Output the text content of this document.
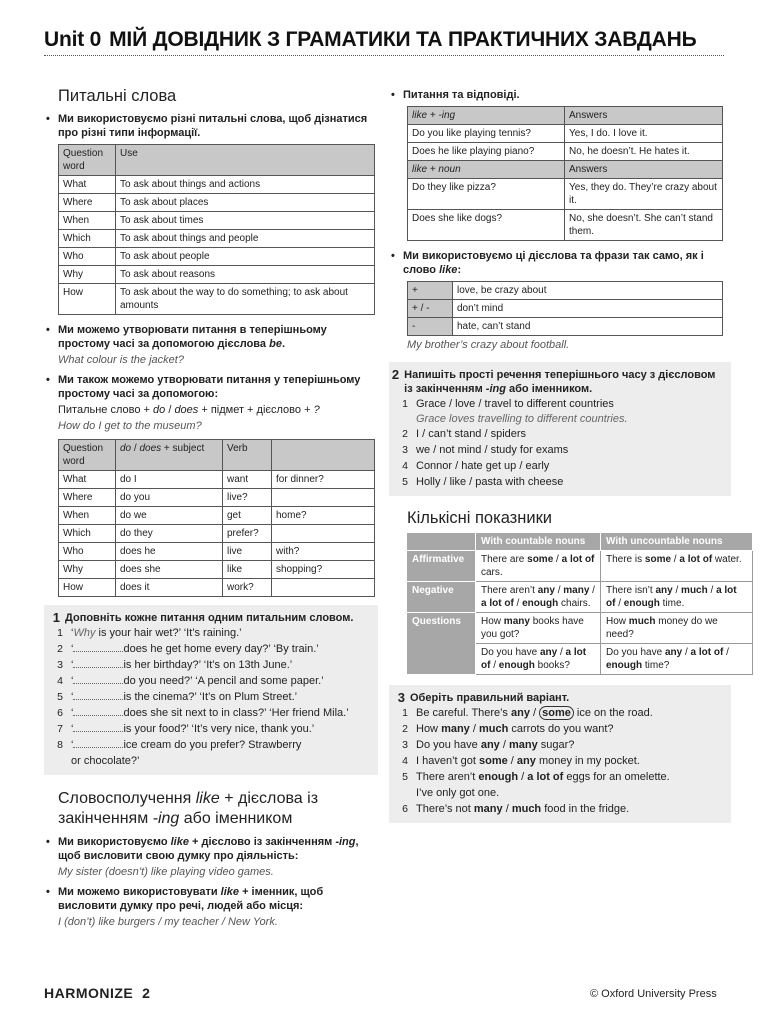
Unit 0 МІЙ ДОВІДНИК З ГРАМАТИКИ ТА ПРАКТИЧНИХ ЗАВДАНЬ
Питальні слова

• Ми використовуємо різні питальні слова, щоб дізнатися про різні типи інформації.

Question word	Use
What	To ask about things and actions
Where	To ask about places
When	To ask about times
Which	To ask about things and people
Who	To ask about people
Why	To ask about reasons
How	To ask about the way to do something; to ask about amounts

• Ми можемо утворювати питання в теперішньому простому часі за допомогою дієслова be.

What colour is the jacket?

• Ми також можемо утворювати питання у теперішньому простому часі за допомогою:

Питальне слово + do / does + підмет + дієслово + ?

How do I get to the museum?

Question word	do / does + subject	Verb	
What	do I	want	for dinner?
Where	do you	live?	
When	do we	get	home?
Which	do they	prefer?	
Who	does he	live	with?
Why	does she	like	shopping?
How	does it	work?	
1 Доповніть кожне питання одним питальним словом.
1 ‘Why is your hair wet?’ ‘It’s raining.’
2 ‘	does he get home every day?’ ‘By train.’
3 ‘	is her birthday?’ ‘It’s on 13th June.’
4 ‘	do you need?’ ‘A pencil and some paper.’
5 ‘	is the cinema?’ ‘It’s on Plum Street.’
6 ‘	does she sit next to in class?’ ‘Her friend Mila.’
7 ‘	is your food?’ ‘It’s very nice, thank you.’
8 ‘	ice cream do you prefer? Strawberry
or chocolate?’
Словосполучення like + дієслова із закінченням -ing або іменником

• Ми використовуємо like + дієслово із закінченням -ing, щоб висловити свою думку про діяльність:

My sister (doesn’t) like playing video games.

• Ми можемо використовувати like + іменник, щоб висловити думку про речі, людей або місця:

I (don’t) like burgers / my teacher / New York.

• Питання та відповіді.

like + -ing	Answers
Do you like playing tennis?	Yes, I do. I love it.
Does he like playing piano?	No, he doesn’t. He hates it.
like + noun	Answers
Do they like pizza?	Yes, they do. They’re crazy about it.
Does she like dogs?	No, she doesn’t. She can’t stand them.

• Ми використовуємо ці дієслова та фрази так само, як і слово like:

+	love, be crazy about
+ / -	don’t mind
-	hate, can’t stand

My brother’s crazy about football.

2 Напишіть прості речення теперішнього часу з дієсловом із закінченням -ing або іменником.
1 Grace / love / travel to different countries
Grace loves travelling to different countries.
2 I / can’t stand / spiders
3 we / not mind / study for exams
4 Connor / hate get up / early
5 Holly / like / pasta with cheese
Кількісні показники
	With countable nouns	With uncountable nouns
Affirmative	There are some / a lot of cars.	There is some / a lot of water.
Negative	There aren’t any / many / a lot of / enough chairs.	There isn’t any / much / a lot of / enough time.
Questions	How many books have you got?	How much money do we need?
	Do you have any / a lot of / enough books?	Do you have any / a lot of / enough time?
3 Оберіть правильний варіант.
1 Be careful. There’s any / some ice on the road.
2 How many / much carrots do you want?
3 Do you have any / many sugar?
4 I haven’t got some / any money in my pocket.
5 There aren’t enough / a lot of eggs for an omelette.
I’ve only got one.
6 There’s not many / much food in the fridge.
HARMONIZE 2	© Oxford University Press
